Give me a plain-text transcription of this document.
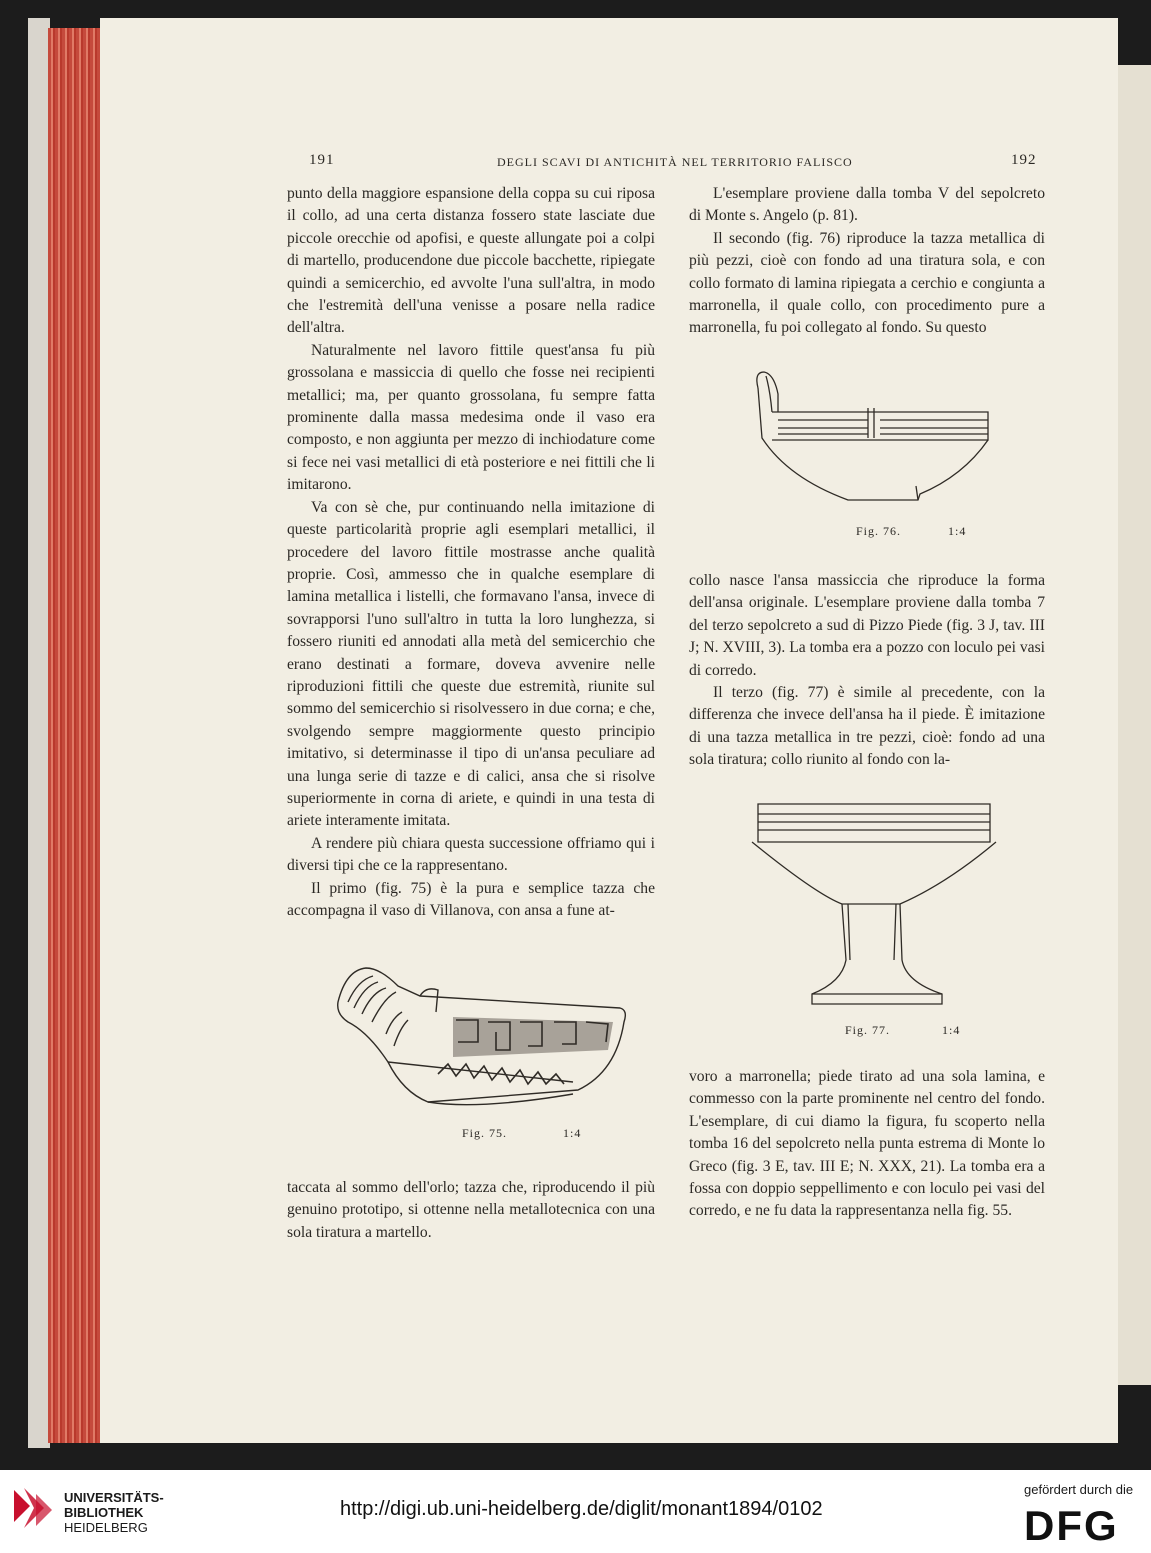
191	DEGLI SCAVI DI ANTICHITÀ NEL TERRITORIO FALISCO	192

punto della maggiore espansione della coppa su cui riposa il collo, ad una certa distanza fossero state lasciate due piccole orecchie od apofisi, e queste allungate poi a colpi di martello, producendone due piccole bacchette, ripiegate quindi a semicerchio, ed avvolte l'una sull'altra, in modo che l'estremità dell'una venisse a posare nella radice dell'altra.

Naturalmente nel lavoro fittile quest'ansa fu più grossolana e massiccia di quello che fosse nei recipienti metallici; ma, per quanto grossolana, fu sempre fatta prominente dalla massa medesima onde il vaso era composto, e non aggiunta per mezzo di inchiodature come si fece nei vasi metallici di età posteriore e nei fittili che li imitarono.

Va con sè che, pur continuando nella imitazione di queste particolarità proprie agli esemplari metallici, il procedere del lavoro fittile mostrasse anche qualità proprie. Così, ammesso che in qualche esemplare di lamina metallica i listelli, che formavano l'ansa, invece di sovrapporsi l'uno sull'altro in tutta la loro lunghezza, si fossero riuniti ed annodati alla metà del semicerchio che erano destinati a formare, doveva avvenire nelle riproduzioni fittili che queste due estremità, riunite sul sommo del semicerchio si risolvessero in due corna; e che, svolgendo sempre maggiormente questo principio imitativo, si determinasse il tipo di un'ansa peculiare ad una lunga serie di tazze e di calici, ansa che si risolve superiormente in corna di ariete, e quindi in una testa di ariete interamente imitata.

A rendere più chiara questa successione offriamo qui i diversi tipi che ce la rappresentano.

Il primo (fig. 75) è la pura e semplice tazza che accompagna il vaso di Villanova, con ansa a fune at-

Fig. 75.	1:4

taccata al sommo dell'orlo; tazza che, riproducendo il più genuino prototipo, si ottenne nella metallotecnica con una sola tiratura a martello.

L'esemplare proviene dalla tomba V del sepolcreto di Monte s. Angelo (p. 81).

Il secondo (fig. 76) riproduce la tazza metallica di più pezzi, cioè con fondo ad una tiratura sola, e con collo formato di lamina ripiegata a cerchio e congiunta a marronella, il quale collo, con procedimento pure a marronella, fu poi collegato al fondo. Su questo

Fig. 76.	1:4

collo nasce l'ansa massiccia che riproduce la forma dell'ansa originale. L'esemplare proviene dalla tomba 7 del terzo sepolcreto a sud di Pizzo Piede (fig. 3 J, tav. III J; N. XVIII, 3). La tomba era a pozzo con loculo pei vasi di corredo.

Il terzo (fig. 77) è simile al precedente, con la differenza che invece dell'ansa ha il piede. È imitazione di una tazza metallica in tre pezzi, cioè: fondo ad una sola tiratura; collo riunito al fondo con la-

Fig. 77.	1:4

voro a marronella; piede tirato ad una sola lamina, e commesso con la parte prominente nel centro del fondo. L'esemplare, di cui diamo la figura, fu scoperto nella tomba 16 del sepolcreto nella punta estrema di Monte lo Greco (fig. 3 E, tav. III E; N. XXX, 21). La tomba era a fossa con doppio seppellimento e con loculo pei vasi del corredo, e ne fu data la rappresentanza nella fig. 55.

UNIVERSITÄTS-
BIBLIOTHEK
HEIDELBERG
http://digi.ub.uni-heidelberg.de/diglit/monant1894/0102
gefördert durch die
DFG
